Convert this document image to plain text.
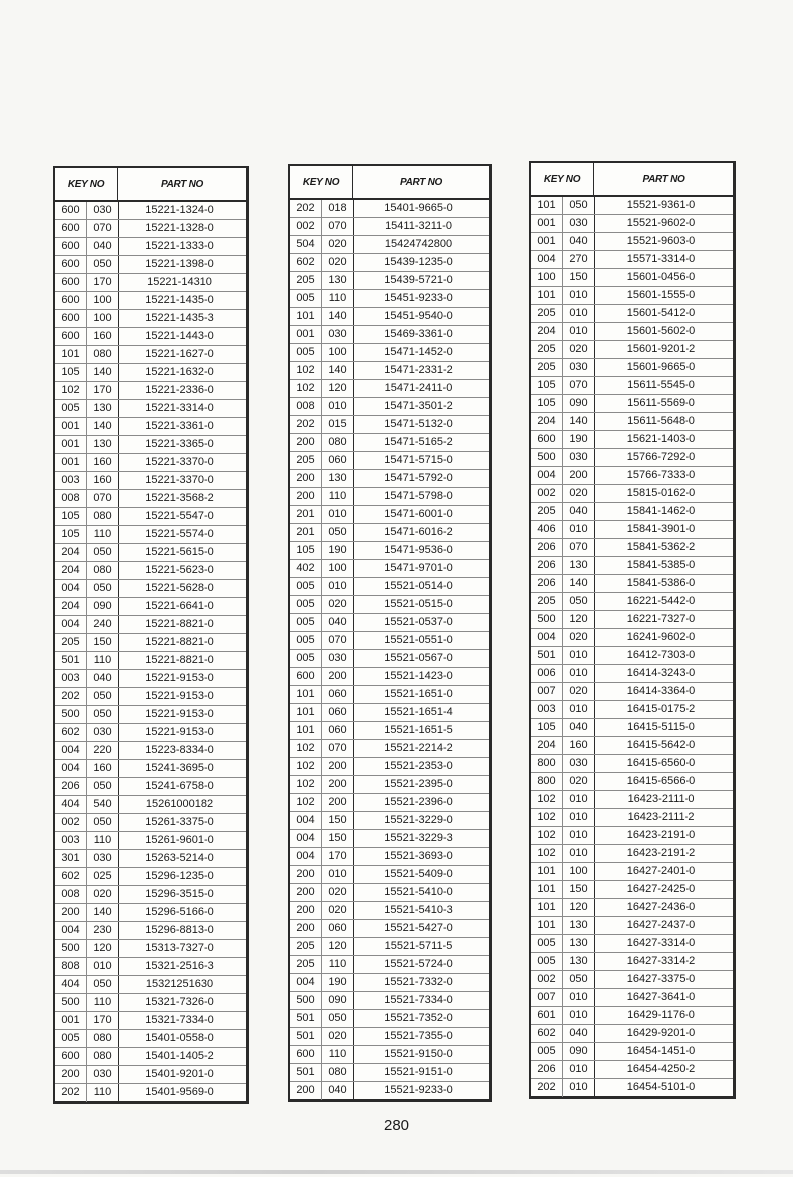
KEY NO	PART NO
600	030	15221-1324-0
600	070	15221-1328-0
600	040	15221-1333-0
600	050	15221-1398-0
600	170	15221-14310
600	100	15221-1435-0
600	100	15221-1435-3
600	160	15221-1443-0
101	080	15221-1627-0
105	140	15221-1632-0
102	170	15221-2336-0
005	130	15221-3314-0
001	140	15221-3361-0
001	130	15221-3365-0
001	160	15221-3370-0
003	160	15221-3370-0
008	070	15221-3568-2
105	080	15221-5547-0
105	110	15221-5574-0
204	050	15221-5615-0
204	080	15221-5623-0
004	050	15221-5628-0
204	090	15221-6641-0
004	240	15221-8821-0
205	150	15221-8821-0
501	110	15221-8821-0
003	040	15221-9153-0
202	050	15221-9153-0
500	050	15221-9153-0
602	030	15221-9153-0
004	220	15223-8334-0
004	160	15241-3695-0
206	050	15241-6758-0
404	540	15261000182
002	050	15261-3375-0
003	110	15261-9601-0
301	030	15263-5214-0
602	025	15296-1235-0
008	020	15296-3515-0
200	140	15296-5166-0
004	230	15296-8813-0
500	120	15313-7327-0
808	010	15321-2516-3
404	050	15321251630
500	110	15321-7326-0
001	170	15321-7334-0
005	080	15401-0558-0
600	080	15401-1405-2
200	030	15401-9201-0
202	110	15401-9569-0
KEY NO	PART NO
202	018	15401-9665-0
002	070	15411-3211-0
504	020	15424742800
602	020	15439-1235-0
205	130	15439-5721-0
005	110	15451-9233-0
101	140	15451-9540-0
001	030	15469-3361-0
005	100	15471-1452-0
102	140	15471-2331-2
102	120	15471-2411-0
008	010	15471-3501-2
202	015	15471-5132-0
200	080	15471-5165-2
205	060	15471-5715-0
200	130	15471-5792-0
200	110	15471-5798-0
201	010	15471-6001-0
201	050	15471-6016-2
105	190	15471-9536-0
402	100	15471-9701-0
005	010	15521-0514-0
005	020	15521-0515-0
005	040	15521-0537-0
005	070	15521-0551-0
005	030	15521-0567-0
600	200	15521-1423-0
101	060	15521-1651-0
101	060	15521-1651-4
101	060	15521-1651-5
102	070	15521-2214-2
102	200	15521-2353-0
102	200	15521-2395-0
102	200	15521-2396-0
004	150	15521-3229-0
004	150	15521-3229-3
004	170	15521-3693-0
200	010	15521-5409-0
200	020	15521-5410-0
200	020	15521-5410-3
200	060	15521-5427-0
205	120	15521-5711-5
205	110	15521-5724-0
004	190	15521-7332-0
500	090	15521-7334-0
501	050	15521-7352-0
501	020	15521-7355-0
600	110	15521-9150-0
501	080	15521-9151-0
200	040	15521-9233-0
KEY NO	PART NO
101	050	15521-9361-0
001	030	15521-9602-0
001	040	15521-9603-0
004	270	15571-3314-0
100	150	15601-0456-0
101	010	15601-1555-0
205	010	15601-5412-0
204	010	15601-5602-0
205	020	15601-9201-2
205	030	15601-9665-0
105	070	15611-5545-0
105	090	15611-5569-0
204	140	15611-5648-0
600	190	15621-1403-0
500	030	15766-7292-0
004	200	15766-7333-0
002	020	15815-0162-0
205	040	15841-1462-0
406	010	15841-3901-0
206	070	15841-5362-2
206	130	15841-5385-0
206	140	15841-5386-0
205	050	16221-5442-0
500	120	16221-7327-0
004	020	16241-9602-0
501	010	16412-7303-0
006	010	16414-3243-0
007	020	16414-3364-0
003	010	16415-0175-2
105	040	16415-5115-0
204	160	16415-5642-0
800	030	16415-6560-0
800	020	16415-6566-0
102	010	16423-2111-0
102	010	16423-2111-2
102	010	16423-2191-0
102	010	16423-2191-2
101	100	16427-2401-0
101	150	16427-2425-0
101	120	16427-2436-0
101	130	16427-2437-0
005	130	16427-3314-0
005	130	16427-3314-2
002	050	16427-3375-0
007	010	16427-3641-0
601	010	16429-1176-0
602	040	16429-9201-0
005	090	16454-1451-0
206	010	16454-4250-2
202	010	16454-5101-0
280
